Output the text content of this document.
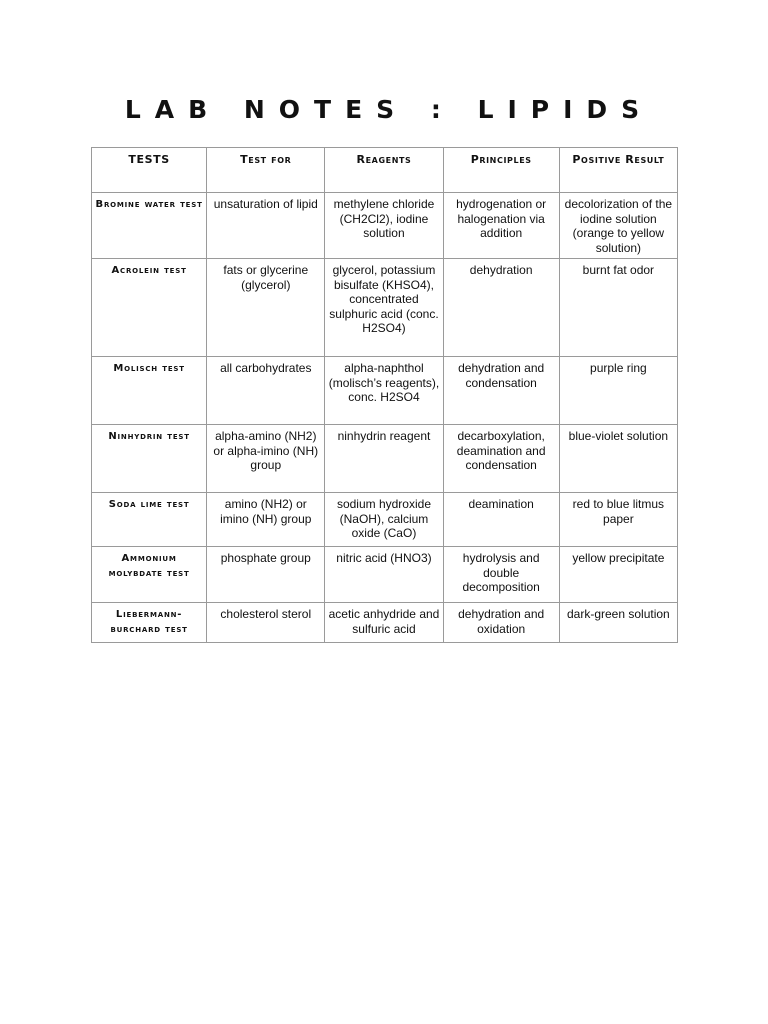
LAB NOTES : LIPIDS
TESTS	Test for	Reagents	Principles	Positive Result
Bromine water test	unsaturation of lipid	methylene chloride (CH2Cl2), iodine solution	hydrogenation or halogenation via addition	decolorization of the iodine solution (orange to yellow solution)
Acrolein test	fats or glycerine (glycerol)	glycerol, potassium bisulfate (KHSO4), concentrated sulphuric acid (conc. H2SO4)	dehydration	burnt fat odor
Molisch test	all carbohydrates	alpha-naphthol (molisch’s reagents), conc. H2SO4	dehydration and condensation	purple ring
Ninhydrin test	alpha-amino (NH2) or alpha-imino (NH) group	ninhydrin reagent	decarboxylation, deamination and condensation	blue-violet solution
Soda lime test	amino (NH2) or imino (NH) group	sodium hydroxide (NaOH), calcium oxide (CaO)	deamination	red to blue litmus paper
Ammonium molybdate test	phosphate group	nitric acid (HNO3)	hydrolysis and double decomposition	yellow precipitate
Liebermann-burchard test	cholesterol sterol	acetic anhydride and sulfuric acid	dehydration and oxidation	dark-green solution
